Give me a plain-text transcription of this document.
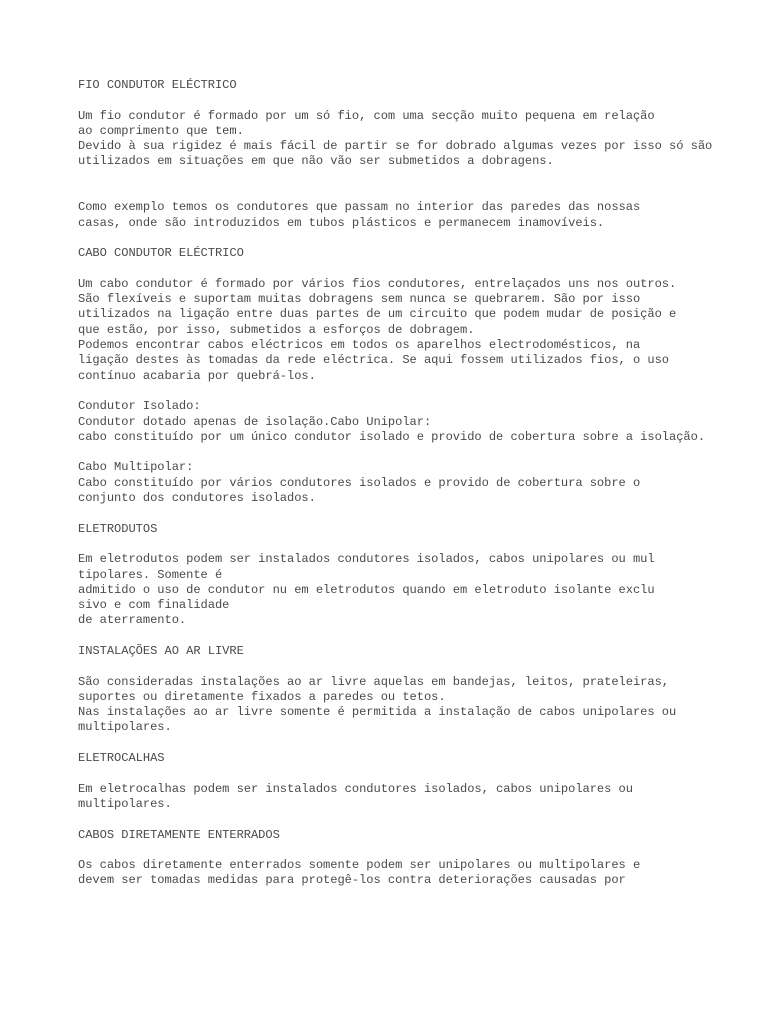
FIO CONDUTOR ELÉCTRICO

Um fio condutor é formado por um só fio, com uma secção muito pequena em relação
ao comprimento que tem.
Devido à sua rigidez é mais fácil de partir se for dobrado algumas vezes por isso só são
utilizados em situações em que não vão ser submetidos a dobragens.

Como exemplo temos os condutores que passam no interior das paredes das nossas
casas, onde são introduzidos em tubos plásticos e permanecem inamovíveis.

CABO CONDUTOR ELÉCTRICO

Um cabo condutor é formado por vários fios condutores, entrelaçados uns nos outros.
São flexíveis e suportam muitas dobragens sem nunca se quebrarem. São por isso
utilizados na ligação entre duas partes de um circuito que podem mudar de posição e
que estão, por isso, submetidos a esforços de dobragem.
Podemos encontrar cabos eléctricos em todos os aparelhos electrodomésticos, na
ligação destes às tomadas da rede eléctrica. Se aqui fossem utilizados fios, o uso
contínuo acabaria por quebrá-los.

Condutor Isolado:
Condutor dotado apenas de isolação.Cabo Unipolar:
cabo constituído por um único condutor isolado e provido de cobertura sobre a isolação.

Cabo Multipolar:
Cabo constituído por vários condutores isolados e provido de cobertura sobre o
conjunto dos condutores isolados.

ELETRODUTOS

Em eletrodutos podem ser instalados condutores isolados, cabos unipolares ou mul
tipolares. Somente é
admitido o uso de condutor nu em eletrodutos quando em eletroduto isolante exclu
sivo e com finalidade
de aterramento.

INSTALAÇÕES AO AR LIVRE

São consideradas instalações ao ar livre aquelas em bandejas, leitos, prateleiras,
suportes ou diretamente fixados a paredes ou tetos.
Nas instalações ao ar livre somente é permitida a instalação de cabos unipolares ou
multipolares.

ELETROCALHAS

Em eletrocalhas podem ser instalados condutores isolados, cabos unipolares ou
multipolares.

CABOS DIRETAMENTE ENTERRADOS

Os cabos diretamente enterrados somente podem ser unipolares ou multipolares e
devem ser tomadas medidas para protegê-los contra deteriorações causadas por
